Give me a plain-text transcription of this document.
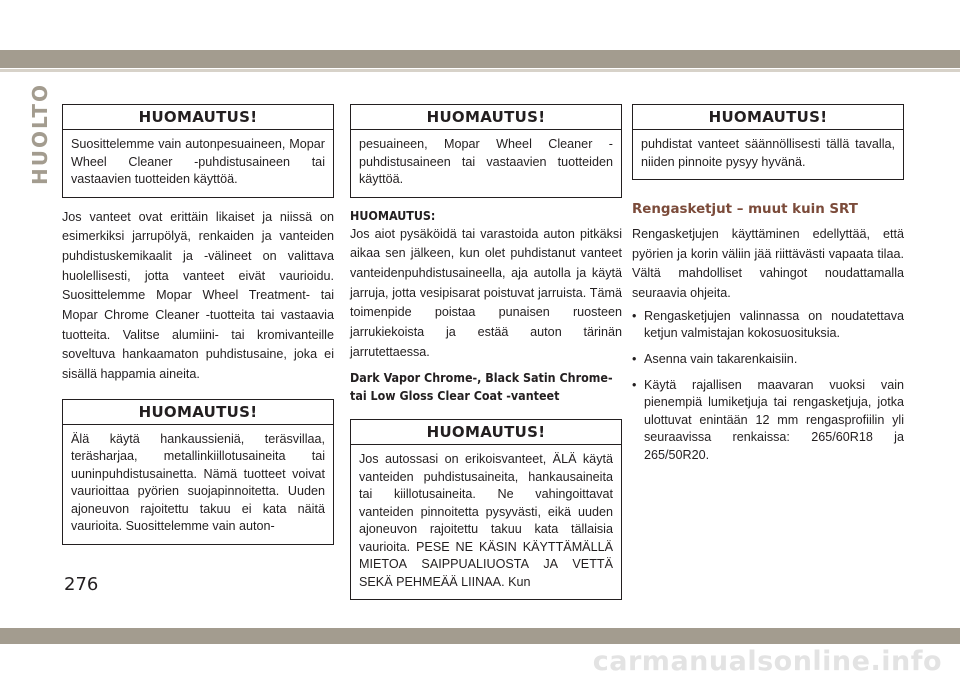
HUOLTO	HUOMAUTUS!
Suosittelemme vain autonpesuaineen, Mopar Wheel Cleaner -puhdistusaineen tai vastaavien tuotteiden käyttöä.

Jos vanteet ovat erittäin likaiset ja niissä on esimerkiksi jarrupölyä, renkaiden ja vanteiden puhdistuskemikaalit ja -välineet on valittava huolellisesti, jotta vanteet eivät vaurioidu. Suosittelemme Mopar Wheel Treatment- tai Mopar Chrome Cleaner -tuotteita tai vastaavia tuotteita. Valitse alumiini- tai kromivanteille soveltuva hankaamaton puhdistusaine, joka ei sisällä happamia aineita.

HUOMAUTUS!
Älä käytä hankaussieniä, teräsvillaa, teräsharjaa, metallinkiillotusaineita tai uuninpuhdistusainetta. Nämä tuotteet voivat vaurioittaa pyörien suojapinnoitetta. Uuden ajoneuvon rajoitettu takuu ei kata näitä vaurioita. Suosittelemme vain auton-
HUOMAUTUS!
pesuaineen, Mopar Wheel Cleaner -puhdistusaineen tai vastaavien tuotteiden käyttöä.
HUOMAUTUS:

Jos aiot pysäköidä tai varastoida auton pitkäksi aikaa sen jälkeen, kun olet puhdistanut vanteet vanteidenpuhdistusaineella, aja autolla ja käytä jarruja, jotta vesipisarat poistuvat jarruista. Tämä toimenpide poistaa punaisen ruosteen jarrukiekoista ja estää auton tärinän jarrutettaessa.

Dark Vapor Chrome-, Black Satin Chrome- tai Low Gloss Clear Coat -vanteet
HUOMAUTUS!
Jos autossasi on erikoisvanteet, ÄLÄ käytä vanteiden puhdistusaineita, hankausaineita tai kiillotusaineita. Ne vahingoittavat vanteiden pinnoitetta pysyvästi, eikä uuden ajoneuvon rajoitettu takuu kata tällaisia vaurioita. PESE NE KÄSIN KÄYTTÄMÄLLÄ MIETOA SAIPPUALIUOSTA JA VETTÄ SEKÄ PEHMEÄÄ LIINAA. Kun
HUOMAUTUS!
puhdistat vanteet säännöllisesti tällä tavalla, niiden pinnoite pysyy hyvänä.
Rengasketjut – muut kuin SRT

Rengasketjujen käyttäminen edellyttää, että pyörien ja korin väliin jää riittävästi vapaata tilaa. Vältä mahdolliset vahingot noudattamalla seuraavia ohjeita.

• Rengasketjujen valinnassa on noudatettava ketjun valmistajan kokosuosituksia.
• Asenna vain takarenkaisiin.
• Käytä rajallisen maavaran vuoksi vain pienempiä lumiketjuja tai rengasketjuja, jotka ulottuvat enintään 12 mm rengasprofiilin yli seuraavissa renkaissa: 265/60R18 ja 265/50R20.
276
carmanualsonline.info
